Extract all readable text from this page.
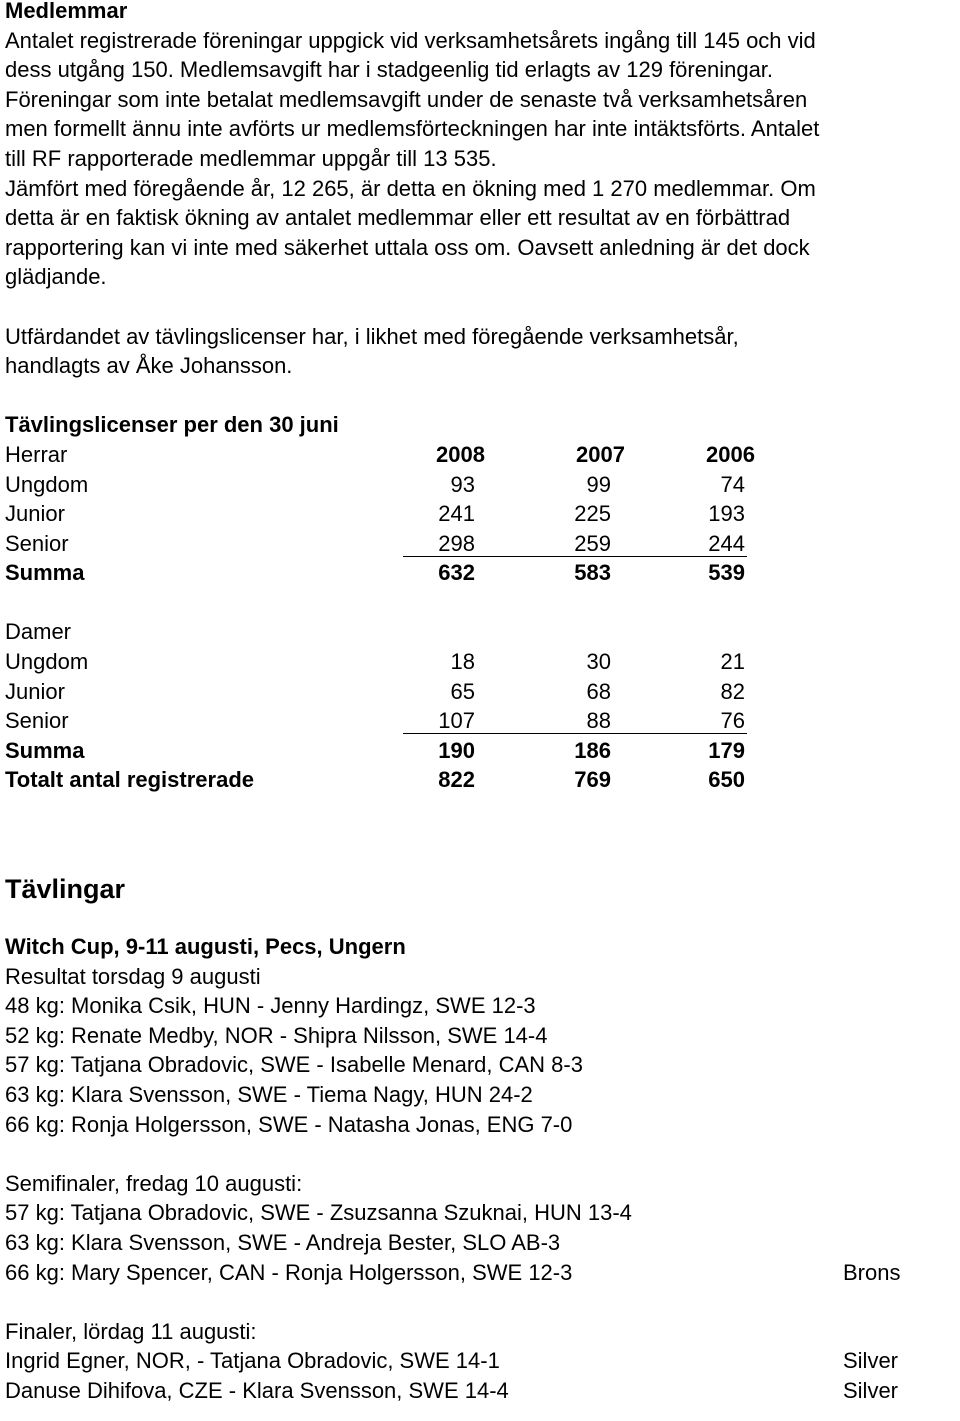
Medlemmar

Antalet registrerade föreningar uppgick vid verksamhetsårets ingång till 145 och vid

dess utgång 150. Medlemsavgift har i stadgeenlig tid erlagts av 129 föreningar.

Föreningar som inte betalat medlemsavgift under de senaste två verksamhetsåren

men formellt ännu inte avförts ur medlemsförteckningen har inte intäktsförts. Antalet

till RF rapporterade medlemmar uppgår till 13 535.

Jämfört med föregående år, 12 265, är detta en ökning med 1 270 medlemmar. Om

detta är en faktisk ökning av antalet medlemmar eller ett resultat av en förbättrad

rapportering kan vi inte med säkerhet uttala oss om. Oavsett anledning är det dock

glädjande.

Utfärdandet av tävlingslicenser har, i likhet med föregående verksamhetsår,

handlagts av Åke Johansson.

Tävlingslicenser per den 30 juni

Herrar	2008	2007	2006
Ungdom	93	99	74
Junior	241	225	193
Senior	298	259	244
Summa	632	583	539
Damer
Ungdom	18	30	21
Junior	65	68	82
Senior	107	88	76
Summa	190	186	179
Totalt antal registrerade	822	769	650

Tävlingar

Witch Cup, 9-11 augusti, Pecs, Ungern

Resultat torsdag 9 augusti

48 kg: Monika Csik, HUN - Jenny Hardingz, SWE 12-3

52 kg: Renate Medby, NOR - Shipra Nilsson, SWE 14-4

57 kg: Tatjana Obradovic, SWE - Isabelle Menard, CAN 8-3

63 kg: Klara Svensson, SWE - Tiema Nagy, HUN 24-2

66 kg: Ronja Holgersson, SWE - Natasha Jonas, ENG 7-0

Semifinaler, fredag 10 augusti:

57 kg: Tatjana Obradovic, SWE - Zsuzsanna Szuknai, HUN 13-4
63 kg: Klara Svensson, SWE - Andreja Bester, SLO AB-3
66 kg: Mary Spencer, CAN - Ronja Holgersson, SWE 12-3	Brons

Finaler, lördag 11 augusti:

Ingrid Egner, NOR, - Tatjana Obradovic, SWE 14-1	Silver
Danuse Dihifova, CZE - Klara Svensson, SWE 14-4	Silver
